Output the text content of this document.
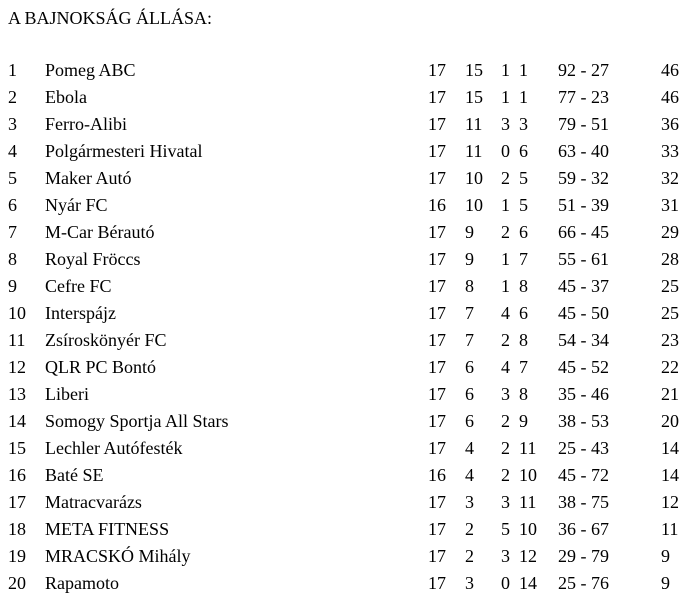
A BAJNOKSÁG ÁLLÁSA:
1 Pomeg ABC	17 15 1 1 92 - 27	46
2 Ebola	17 15 1 1 77 - 23	46
3 Ferro-Alibi	17 11 3 3 79 - 51	36
4 Polgármesteri Hivatal	17 11 0 6 63 - 40	33
5 Maker Autó	17 10 2 5 59 - 32	32
6 Nyár FC	16 10 1 5 51 - 39	31
7 M-Car Bérautó	17 9 2 6 66 - 45	29
8 Royal Fröccs	17 9 1 7 55 - 61	28
9 Cefre FC	17 8 1 8 45 - 37	25
10 Interspájz	17 7 4 6 45 - 50	25
11 Zsíroskönyér FC	17 7 2 8 54 - 34	23
12 QLR PC Bontó	17 6 4 7 45 - 52	22
13 Liberi	17 6 3 8 35 - 46	21
14 Somogy Sportja All Stars	17 6 2 9 38 - 53	20
15 Lechler Autófesték	17 4 2 11 25 - 43	14
16 Baté SE	16 4 2 10 45 - 72	14
17 Matracvarázs	17 3 3 11 38 - 75	12
18 META FITNESS	17 2 5 10 36 - 67	11
19 MRACSKÓ Mihály	17 2 3 12 29 - 79	9
20 Rapamoto	17 3 0 14 25 - 76	9
